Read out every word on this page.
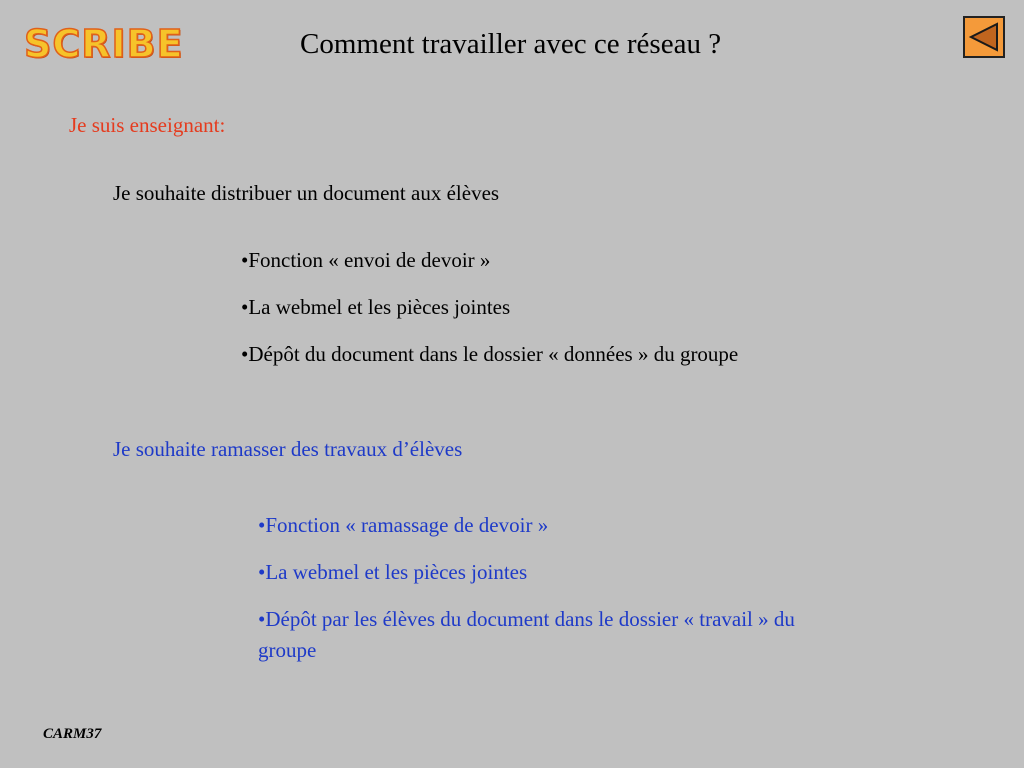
SCRIBE	Comment travailler avec ce réseau ?
Je suis enseignant:
Je souhaite distribuer un document aux élèves
•Fonction « envoi de devoir »
•La webmel et les pièces jointes
•Dépôt du document dans le dossier « données » du groupe
Je souhaite ramasser des travaux d’élèves
•Fonction « ramassage de devoir »
•La webmel et les pièces jointes
•Dépôt par les élèves du document dans le dossier « travail » du groupe
CARM37
